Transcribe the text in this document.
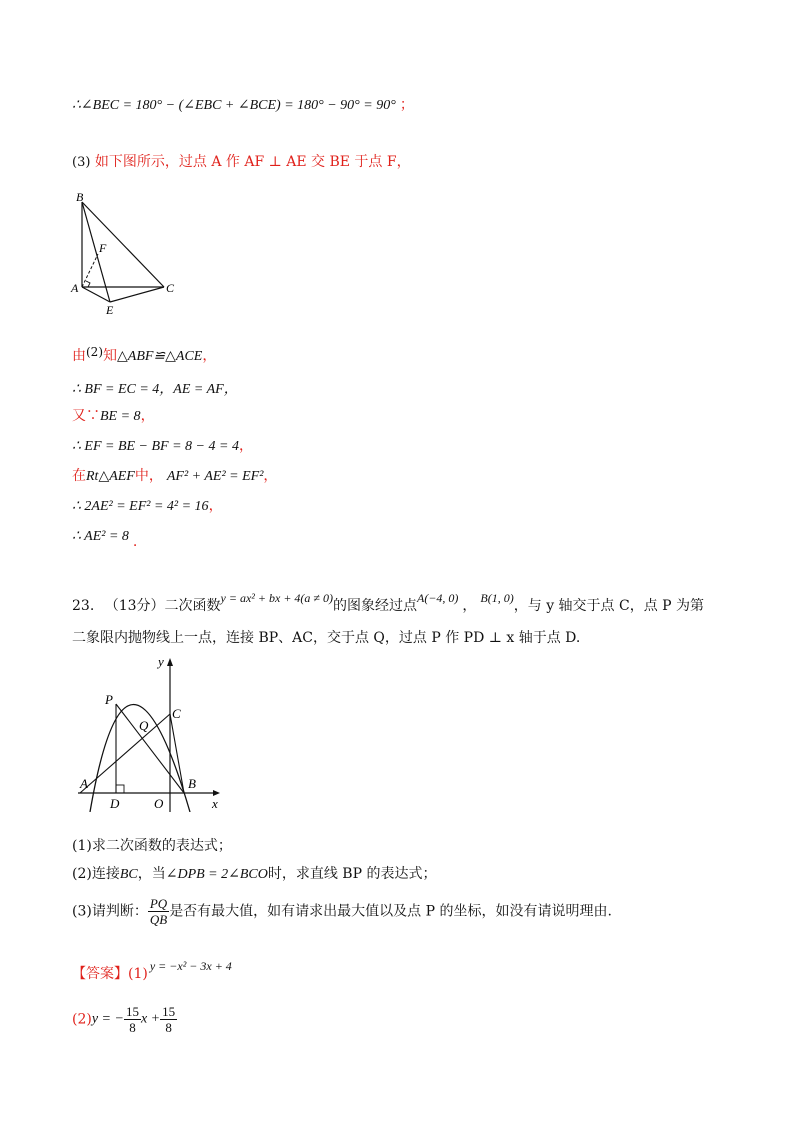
∴∠BEC = 180° − (∠EBC + ∠BCE) = 180° − 90° = 90° ；
(3) 如下图所示，过点 A 作 AF ⊥ AE 交 BE 于点 F，
B
F
A	C
E
由(2)知△ABF≌△ACE，
∴ BF = EC = 4，AE = AF，
又∵BE = 8，
∴ EF = BE − BF = 8 − 4 = 4，
在Rt△AEF中， AF² + AE² = EF²，
∴ 2AE² = EF² = 4² = 16，
∴ AE² = 8 .
23. （13分）二次函数y = ax² + bx + 4(a ≠ 0)的图象经过点A(−4, 0) ， B(1, 0)，与 y 轴交于点 C，点 P 为第
二象限内抛物线上一点，连接 BP、AC，交于点 Q，过点 P 作 PD ⊥ x 轴于点 D.
y
P
C
Q
A	B
D	O	x
(1)求二次函数的表达式；
(2)连接BC，当∠DPB = 2∠BCO时，求直线 BP 的表达式；
(3)请判断： $\frac{PQ}{QB}$ 是否有最大值，如有请求出最大值以及点 P 的坐标，如没有请说明理由.
【答案】(1) y = −x² − 3x + 4
(2)y = − $\frac{15}{8}$ $x + \frac{15}{8}$
